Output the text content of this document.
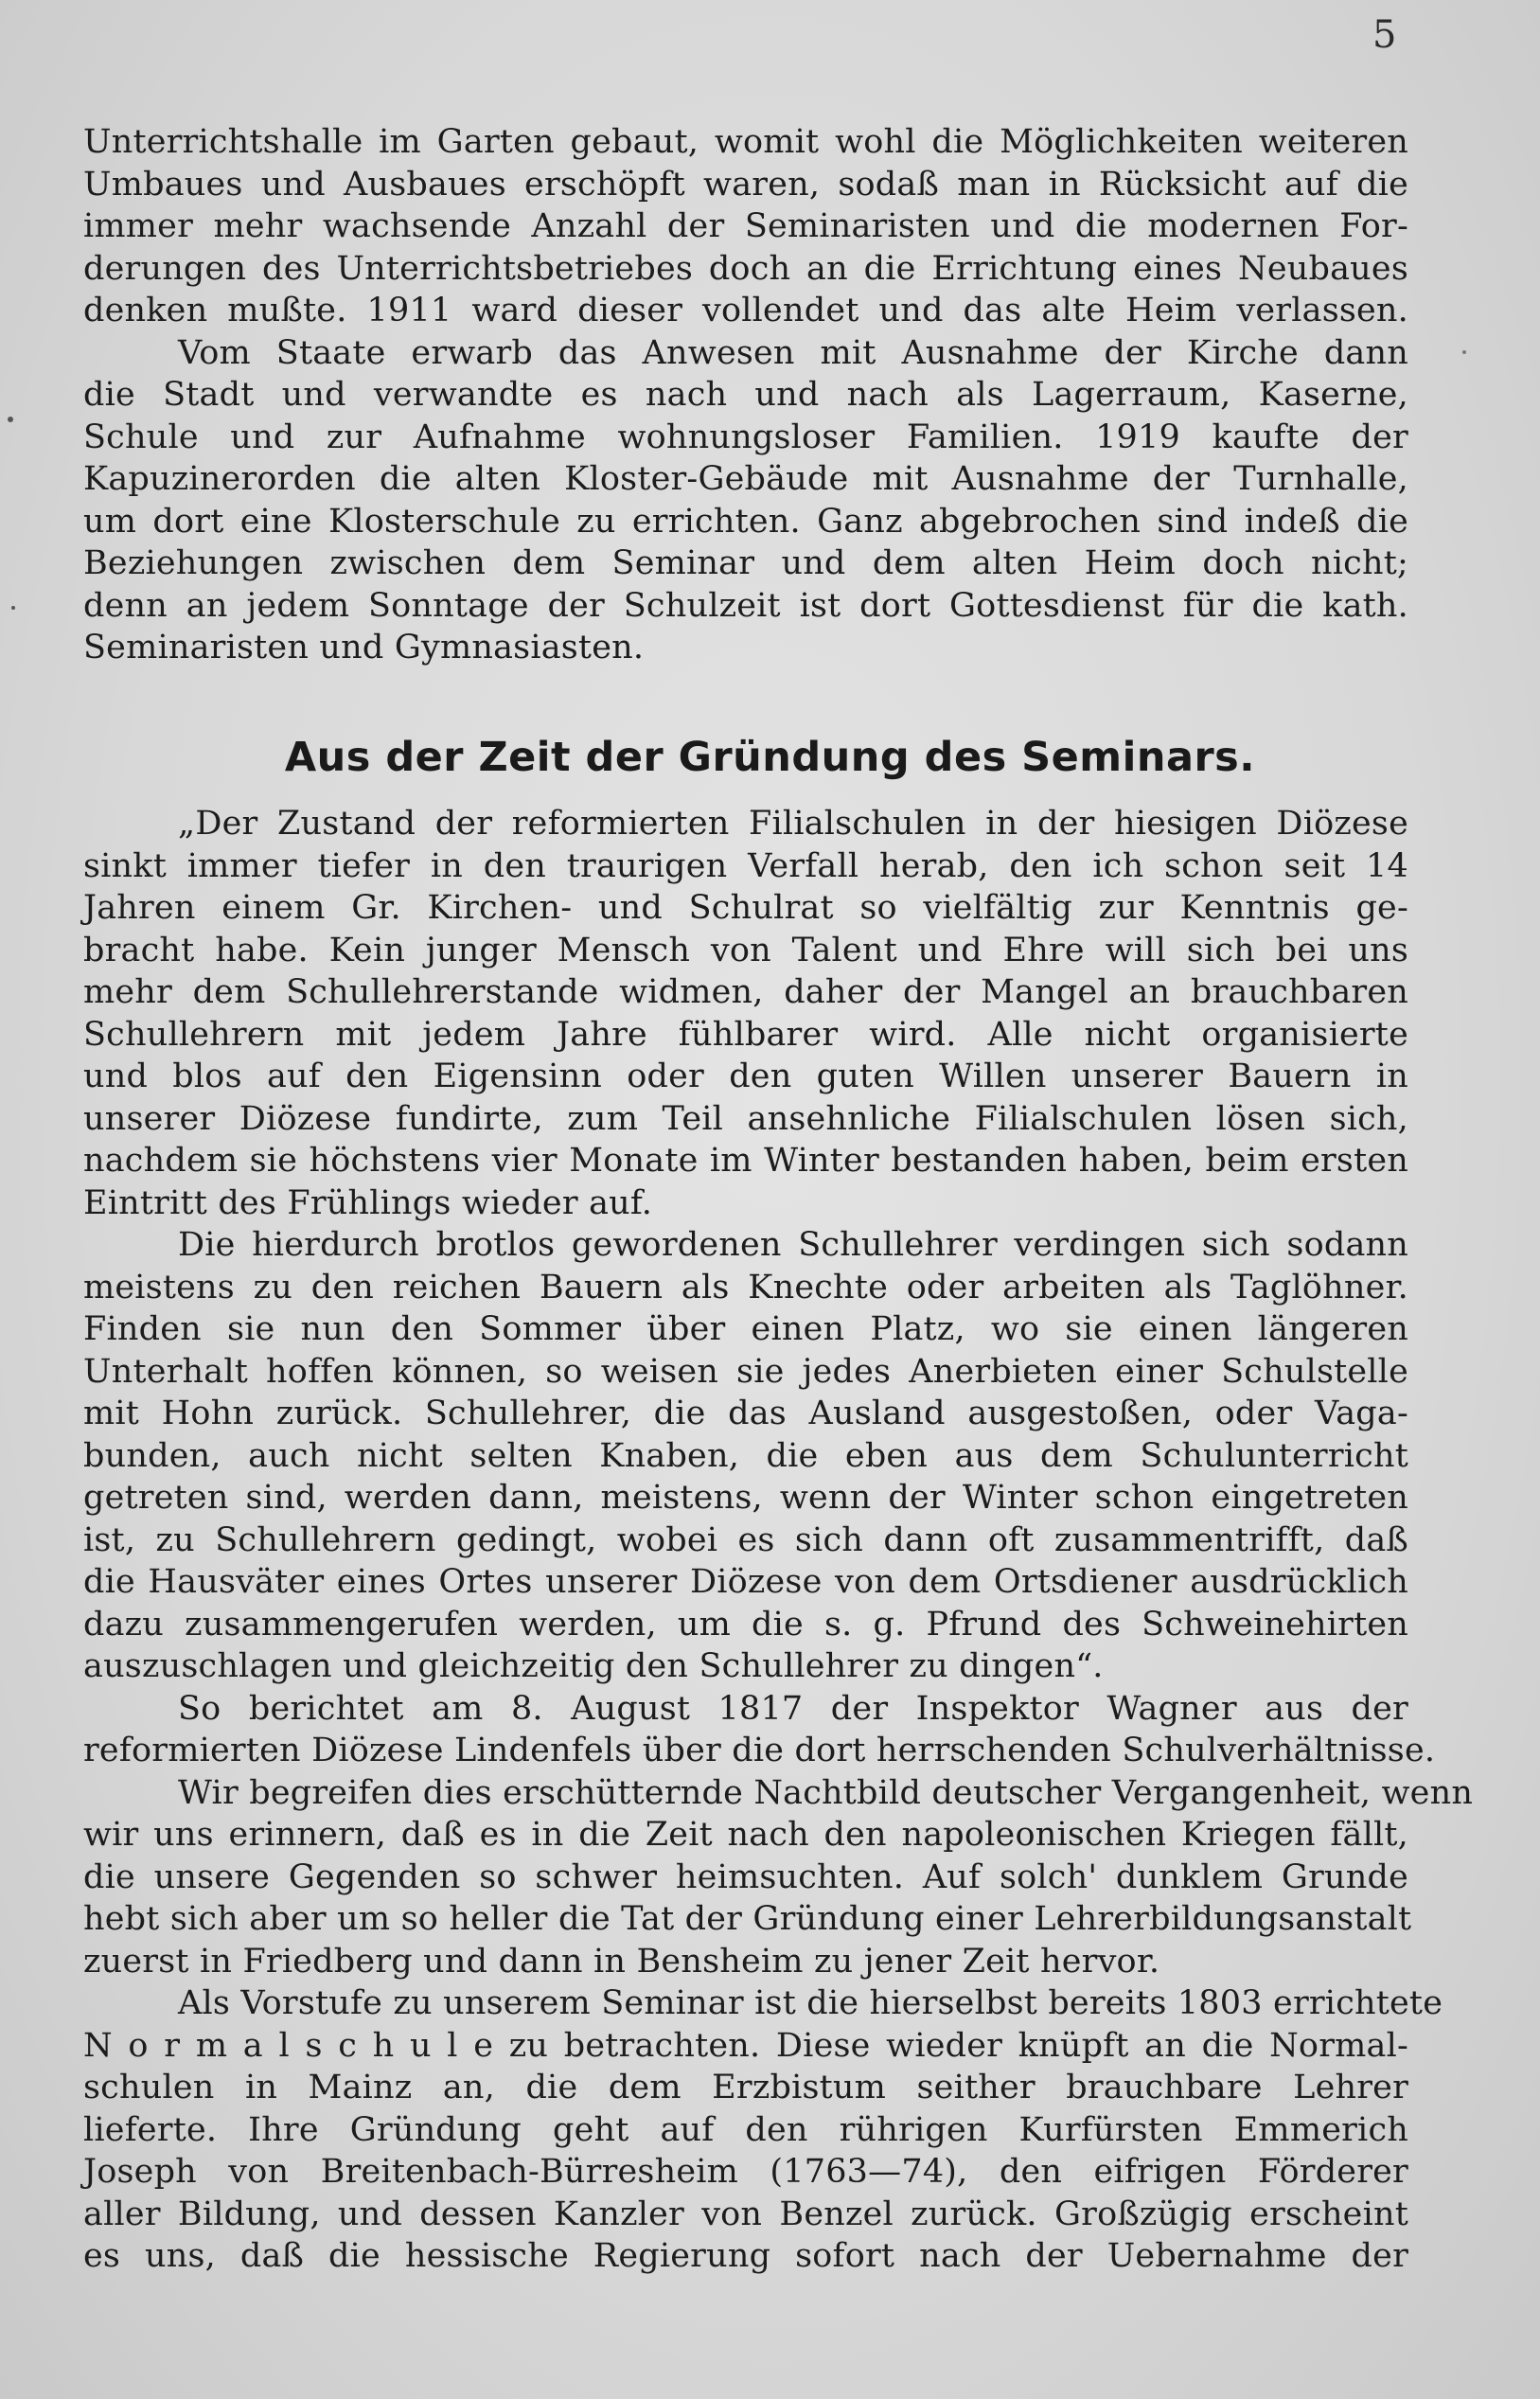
5
Unterrichtshalle im Garten gebaut, womit wohl die Möglichkeiten weiteren
Umbaues und Ausbaues erschöpft waren, sodaß man in Rücksicht auf die
immer mehr wachsende Anzahl der Seminaristen und die modernen For-
derungen des Unterrichtsbetriebes doch an die Errichtung eines Neubaues
denken mußte. 1911 ward dieser vollendet und das alte Heim verlassen.
Vom Staate erwarb das Anwesen mit Ausnahme der Kirche dann
die Stadt und verwandte es nach und nach als Lagerraum, Kaserne,
Schule und zur Aufnahme wohnungsloser Familien. 1919 kaufte der
Kapuzinerorden die alten Kloster-Gebäude mit Ausnahme der Turnhalle,
um dort eine Klosterschule zu errichten. Ganz abgebrochen sind indeß die
Beziehungen zwischen dem Seminar und dem alten Heim doch nicht;
denn an jedem Sonntage der Schulzeit ist dort Gottesdienst für die kath.
Seminaristen und Gymnasiasten.
Aus der Zeit der Gründung des Seminars.
„Der Zustand der reformierten Filialschulen in der hiesigen Diözese
sinkt immer tiefer in den traurigen Verfall herab, den ich schon seit 14
Jahren einem Gr. Kirchen- und Schulrat so vielfältig zur Kenntnis ge-
bracht habe. Kein junger Mensch von Talent und Ehre will sich bei uns
mehr dem Schullehrerstande widmen, daher der Mangel an brauchbaren
Schullehrern mit jedem Jahre fühlbarer wird. Alle nicht organisierte
und blos auf den Eigensinn oder den guten Willen unserer Bauern in
unserer Diözese fundirte, zum Teil ansehnliche Filialschulen lösen sich,
nachdem sie höchstens vier Monate im Winter bestanden haben, beim ersten
Eintritt des Frühlings wieder auf.
Die hierdurch brotlos gewordenen Schullehrer verdingen sich sodann
meistens zu den reichen Bauern als Knechte oder arbeiten als Taglöhner.
Finden sie nun den Sommer über einen Platz, wo sie einen längeren
Unterhalt hoffen können, so weisen sie jedes Anerbieten einer Schulstelle
mit Hohn zurück. Schullehrer, die das Ausland ausgestoßen, oder Vaga-
bunden, auch nicht selten Knaben, die eben aus dem Schulunterricht
getreten sind, werden dann, meistens, wenn der Winter schon eingetreten
ist, zu Schullehrern gedingt, wobei es sich dann oft zusammentrifft, daß
die Hausväter eines Ortes unserer Diözese von dem Ortsdiener ausdrücklich
dazu zusammengerufen werden, um die s. g. Pfrund des Schweinehirten
auszuschlagen und gleichzeitig den Schullehrer zu dingen“.
So berichtet am 8. August 1817 der Inspektor Wagner aus der
reformierten Diözese Lindenfels über die dort herrschenden Schulverhältnisse.
Wir begreifen dies erschütternde Nachtbild deutscher Vergangenheit, wenn
wir uns erinnern, daß es in die Zeit nach den napoleonischen Kriegen fällt,
die unsere Gegenden so schwer heimsuchten. Auf solch' dunklem Grunde
hebt sich aber um so heller die Tat der Gründung einer Lehrerbildungsanstalt
zuerst in Friedberg und dann in Bensheim zu jener Zeit hervor.
Als Vorstufe zu unserem Seminar ist die hierselbst bereits 1803 errichtete
N o r m a l s c h u l e zu betrachten. Diese wieder knüpft an die Normal-
schulen in Mainz an, die dem Erzbistum seither brauchbare Lehrer
lieferte. Ihre Gründung geht auf den rührigen Kurfürsten Emmerich
Joseph von Breitenbach-Bürresheim (1763—74), den eifrigen Förderer
aller Bildung, und dessen Kanzler von Benzel zurück. Großzügig erscheint
es uns, daß die hessische Regierung sofort nach der Uebernahme der
